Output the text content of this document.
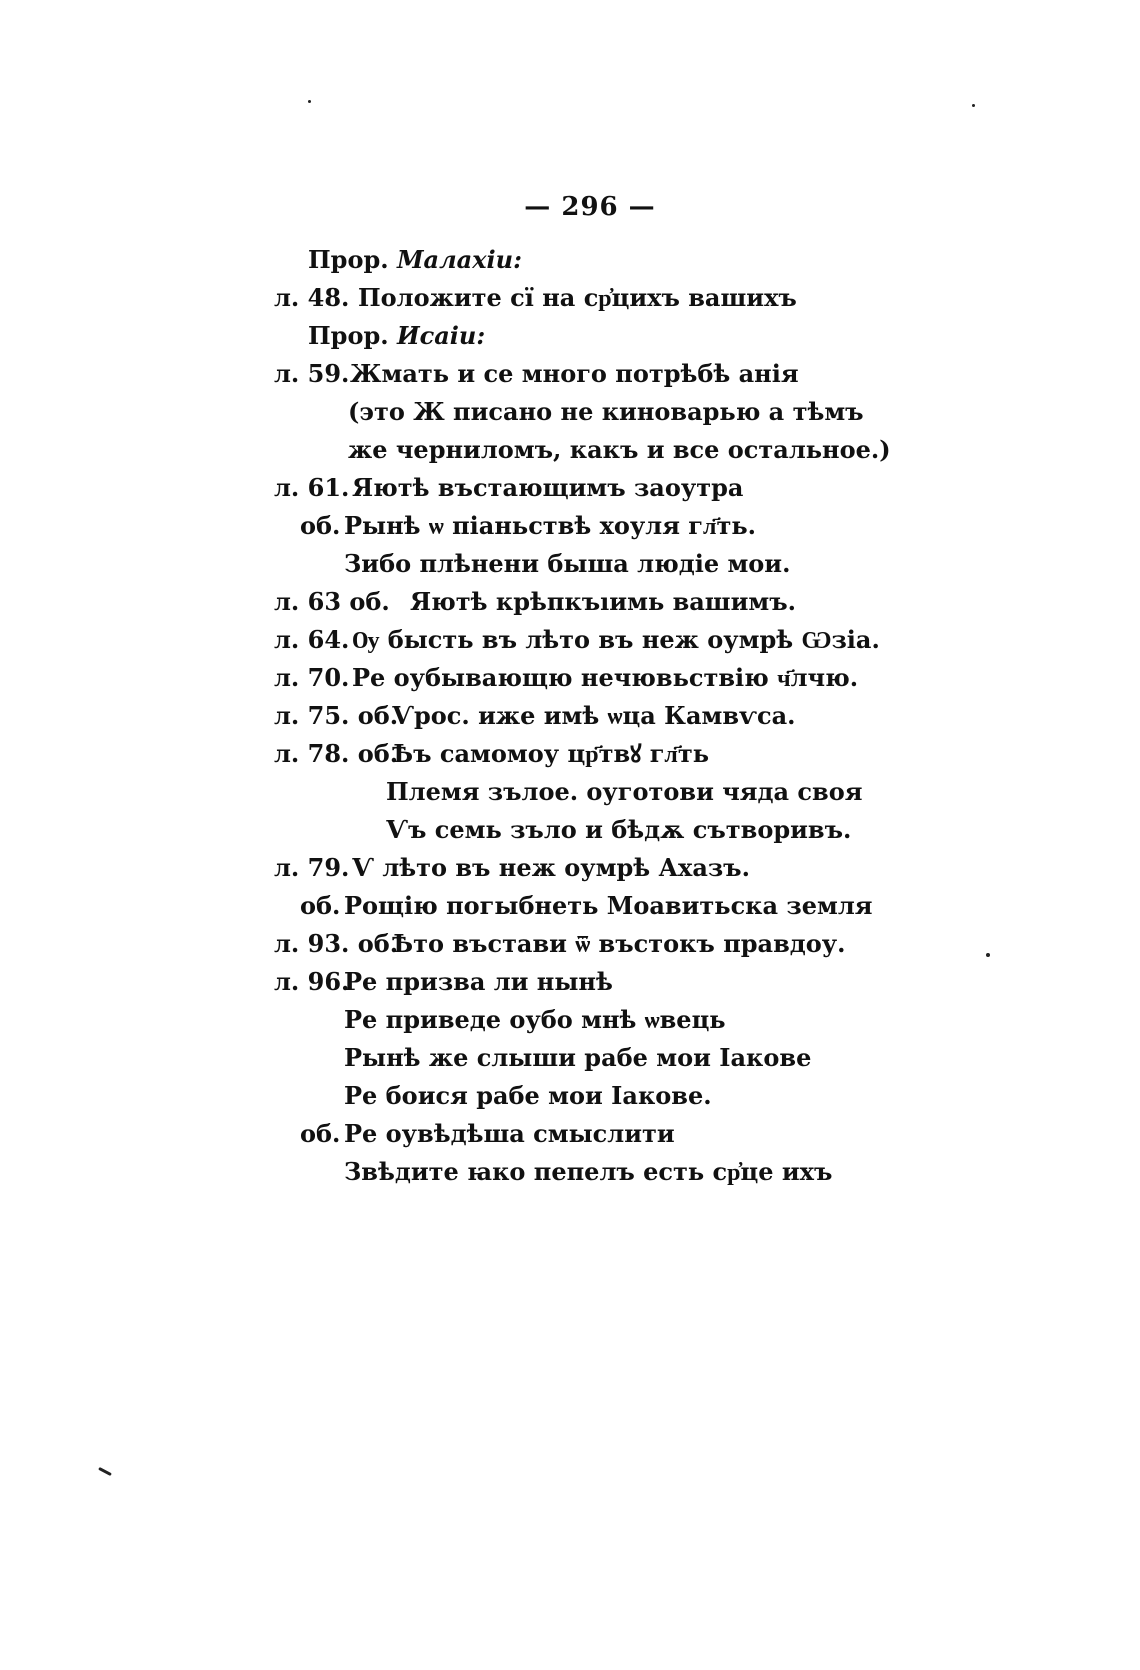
— 296 —
Прор. Малахіи:
л. 48. Положите сї на ср҆цихъ вашихъ
Прор. Исаіи:
л. 59. Жмать и се много потрѣбѣ анія
(это Ж писано не киноварью а тѣмъ
же черниломъ, какъ и все остальное.)
л. 61. Яютѣ въстающимъ заоутра
об. Рынѣ ѡ піаньствѣ хоуля гл҃ть.
Зибо плѣнени быша людіе мои.
л. 63 об. Яютѣ крѣпкъıимь вашимъ.
л. 64. Ѹ бысть въ лѣто въ неж оумрѣ Ѡзіа.
л. 70. Ре оубывающю нечювьствію ч҃лчю.
л. 75. об.
Ѵрос. иже имѣ ѡца Камвѵса.
л. 78. об.
Ѣъ самомоу цр҃твꙋ гл҃ть
Племя зълое. оуготови чяда своя
Ѵъ семь зъло и бѣдѫ сътворивъ.
л. 79. Ѵ лѣто въ неж оумрѣ Ахазъ.
об. Рощію погыбнеть Моавитьска земля
л. 93. об.
Ѣто въстави ѿ въстокъ правдоу.
л. 96.
Ре призва ли нынѣ
Ре приведе оубо мнѣ ѡвець
Рынѣ же слыши рабе мои Ӏакове
Ре боися рабе мои Ӏакове.
об. Ре оувѣдѣша смыслити
Звѣдите ꙗко пепелъ есть ср҆це ихъ
